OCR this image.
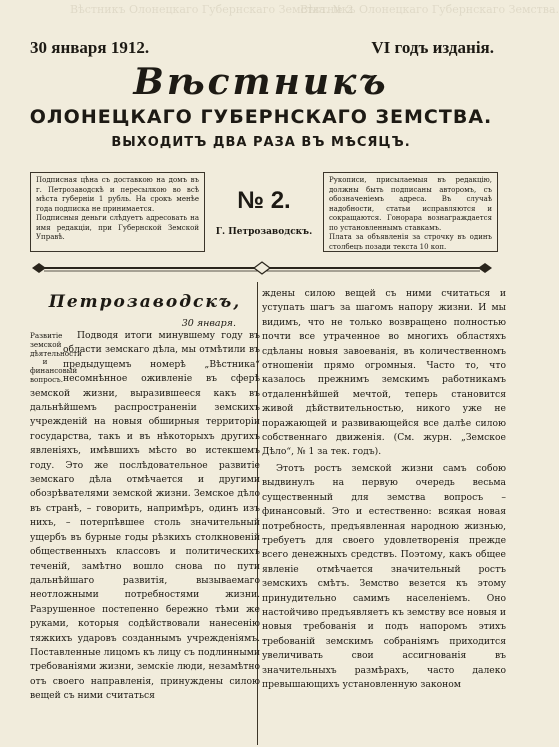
Вѣстникъ Олонецкаго Губернскаго Земства. № 2
Вѣстникъ Олонецкаго Губернскаго Земства.
30 января 1912.	VI годъ изданія.
Вѣстникъ
ОЛОНЕЦКАГО ГУБЕРНСКАГО ЗЕМСТВА.
ВЫХОДИТЪ ДВА РАЗА ВЪ МѢСЯЦЪ.
Подписная цѣна съ доставкою на домъ въ г. Петрозаводскѣ и пересылкою во всѣ мѣста губерніи 1 рубль. На срокъ менѣе года подписка не принимается.
Подписныя деньги слѣдуетъ адресовать на имя редакціи, при Губернской Земской Управѣ.
№ 2.
Г. Петрозаводскъ.
Рукописи, присылаемыя въ редакцію, должны быть подписаны авторомъ, съ обозначеніемъ адреса. Въ случаѣ надобности, статьи исправляются и сокращаются. Гонорара вознаграждается по установленнымъ ставкамъ.
Плата за объявленія за строчку въ одинъ столбецъ позади текста 10 коп.
Петрозаводскъ,
30 января.
Развитіе земской дѣятельности и финансовый вопросъ.

Подводя итоги минувшему году въ области земскаго дѣла, мы отмѣтили въ предыдущемъ номерѣ „Вѣстника“ несомнѣнное оживленіе въ сферѣ земской жизни, выразившееся какъ въ дальнѣйшемъ распространеніи земскихъ учрежденій на новыя обширныя территоріи государства, такъ и въ нѣкоторыхъ другихъ явленіяхъ, имѣвшихъ мѣсто во истекшемъ году. Это же послѣдовательное развитіе земскаго дѣла отмѣчается и другими обозрѣвателями земской жизни. Земское дѣло въ странѣ, – говорить, напримѣръ, одинъ изъ нихъ, – потерпѣвшее столь значительный ущербъ въ бурные годы рѣзкихъ столкновеній общественныхъ классовъ и политическихъ теченій, замѣтно вошло снова по пути дальнѣйшаго развитія, вызываемаго неотложными потребностями жизни. Разрушенное постепенно бережно тѣми же руками, которыя содѣйствовали нанесенію тяжкихъ ударовъ созданнымъ учрежденіямъ. Поставленные лицомъ къ лицу съ подлинными требованіями жизни, земскіе люди, незамѣтно отъ своего направленія, принуждены силою вещей съ ними считаться

ждены силою вещей съ ними считаться и уступать шагъ за шагомъ напору жизни. И мы видимъ, что не только возвращено полностью почти все утраченное во многихъ областяхъ сдѣланы новыя завоеванія, въ количественномъ отношеніи прямо огромныя. Часто то, что казалось прежнимъ земскимъ работникамъ отдаленнѣйшей мечтой, теперь становится живой дѣйствительностью, никого уже не поражающей и развивающейся все далѣе силою собственнаго движенія. (См. журн. „Земское Дѣло“, № 1 за тек. годъ).

Этотъ ростъ земской жизни самъ собою выдвинулъ на первую очередь весьма существенный для земства вопросъ – финансовый. Это и естественно: всякая новая потребность, предъявленная народною жизнью, требуетъ для своего удовлетворенія прежде всего денежныхъ средствъ. Поэтому, какъ общее явленіе отмѣчается значительный ростъ земскихъ смѣтъ. Земство везется къ этому принудительно самимъ населеніемъ. Оно настойчиво предъявляетъ къ земству все новыя и новыя требованія и подъ напоромъ этихъ требованій земскимъ собраніямъ приходится увеличивать свои ассигнованія въ значительныхъ размѣрахъ, часто далеко превышающихъ установленную законом
